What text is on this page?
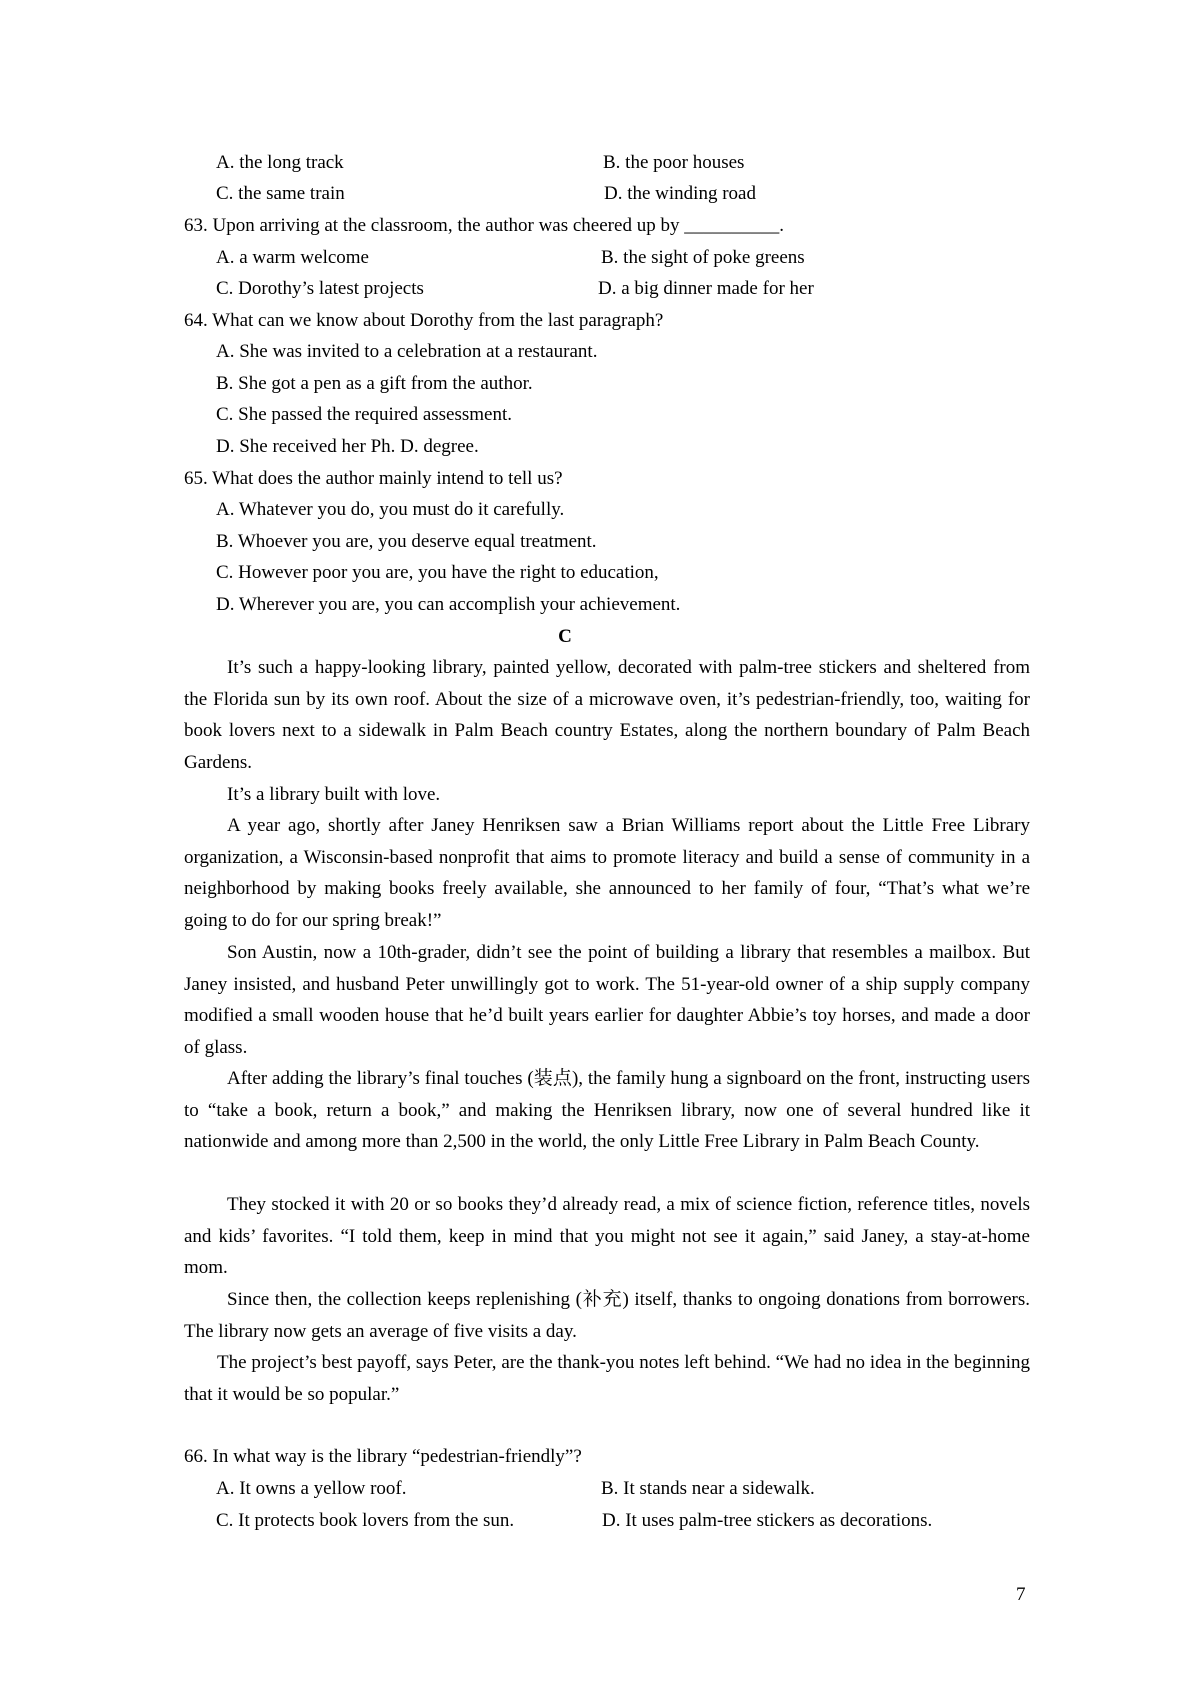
A. the long track	B. the poor houses
C. the same train	D. the winding road
63. Upon arriving at the classroom, the author was cheered up by __________.
A. a warm welcome	B. the sight of poke greens
C. Dorothy’s latest projects	D. a big dinner made for her
64. What can we know about Dorothy from the last paragraph?
A. She was invited to a celebration at a restaurant.
B. She got a pen as a gift from the author.
C. She passed the required assessment.
D. She received her Ph. D. degree.
65. What does the author mainly intend to tell us?
A. Whatever you do, you must do it carefully.
B. Whoever you are, you deserve equal treatment.
C. However poor you are, you have the right to education,
D. Wherever you are, you can accomplish your achievement.
C

It’s such a happy-looking library, painted yellow, decorated with palm-tree stickers and sheltered from the Florida sun by its own roof. About the size of a microwave oven, it’s pedestrian-friendly, too, waiting for book lovers next to a sidewalk in Palm Beach country Estates, along the northern boundary of Palm Beach Gardens.

It’s a library built with love.

A year ago, shortly after Janey Henriksen saw a Brian Williams report about the Little Free Library organization, a Wisconsin-based nonprofit that aims to promote literacy and build a sense of community in a neighborhood by making books freely available, she announced to her family of four, “That’s what we’re going to do for our spring break!”

Son Austin, now a 10th-grader, didn’t see the point of building a library that resembles a mailbox. But Janey insisted, and husband Peter unwillingly got to work. The 51-year-old owner of a ship supply company modified a small wooden house that he’d built years earlier for daughter Abbie’s toy horses, and made a door of glass.

After adding the library’s final touches (装点), the family hung a signboard on the front, instructing users to “take a book, return a book,” and making the Henriksen library, now one of several hundred like it nationwide and among more than 2,500 in the world, the only Little Free Library in Palm Beach County.

They stocked it with 20 or so books they’d already read, a mix of science fiction, reference titles, novels and kids’ favorites. “I told them, keep in mind that you might not see it again,” said Janey, a stay-at-home mom.

Since then, the collection keeps replenishing (补充) itself, thanks to ongoing donations from borrowers. The library now gets an average of five visits a day.

The project’s best payoff, says Peter, are the thank-you notes left behind. “We had no idea in the beginning that it would be so popular.”

66. In what way is the library “pedestrian-friendly”?
A. It owns a yellow roof.	B. It stands near a sidewalk.
C. It protects book lovers from the sun.	D. It uses palm-tree stickers as decorations.
7
